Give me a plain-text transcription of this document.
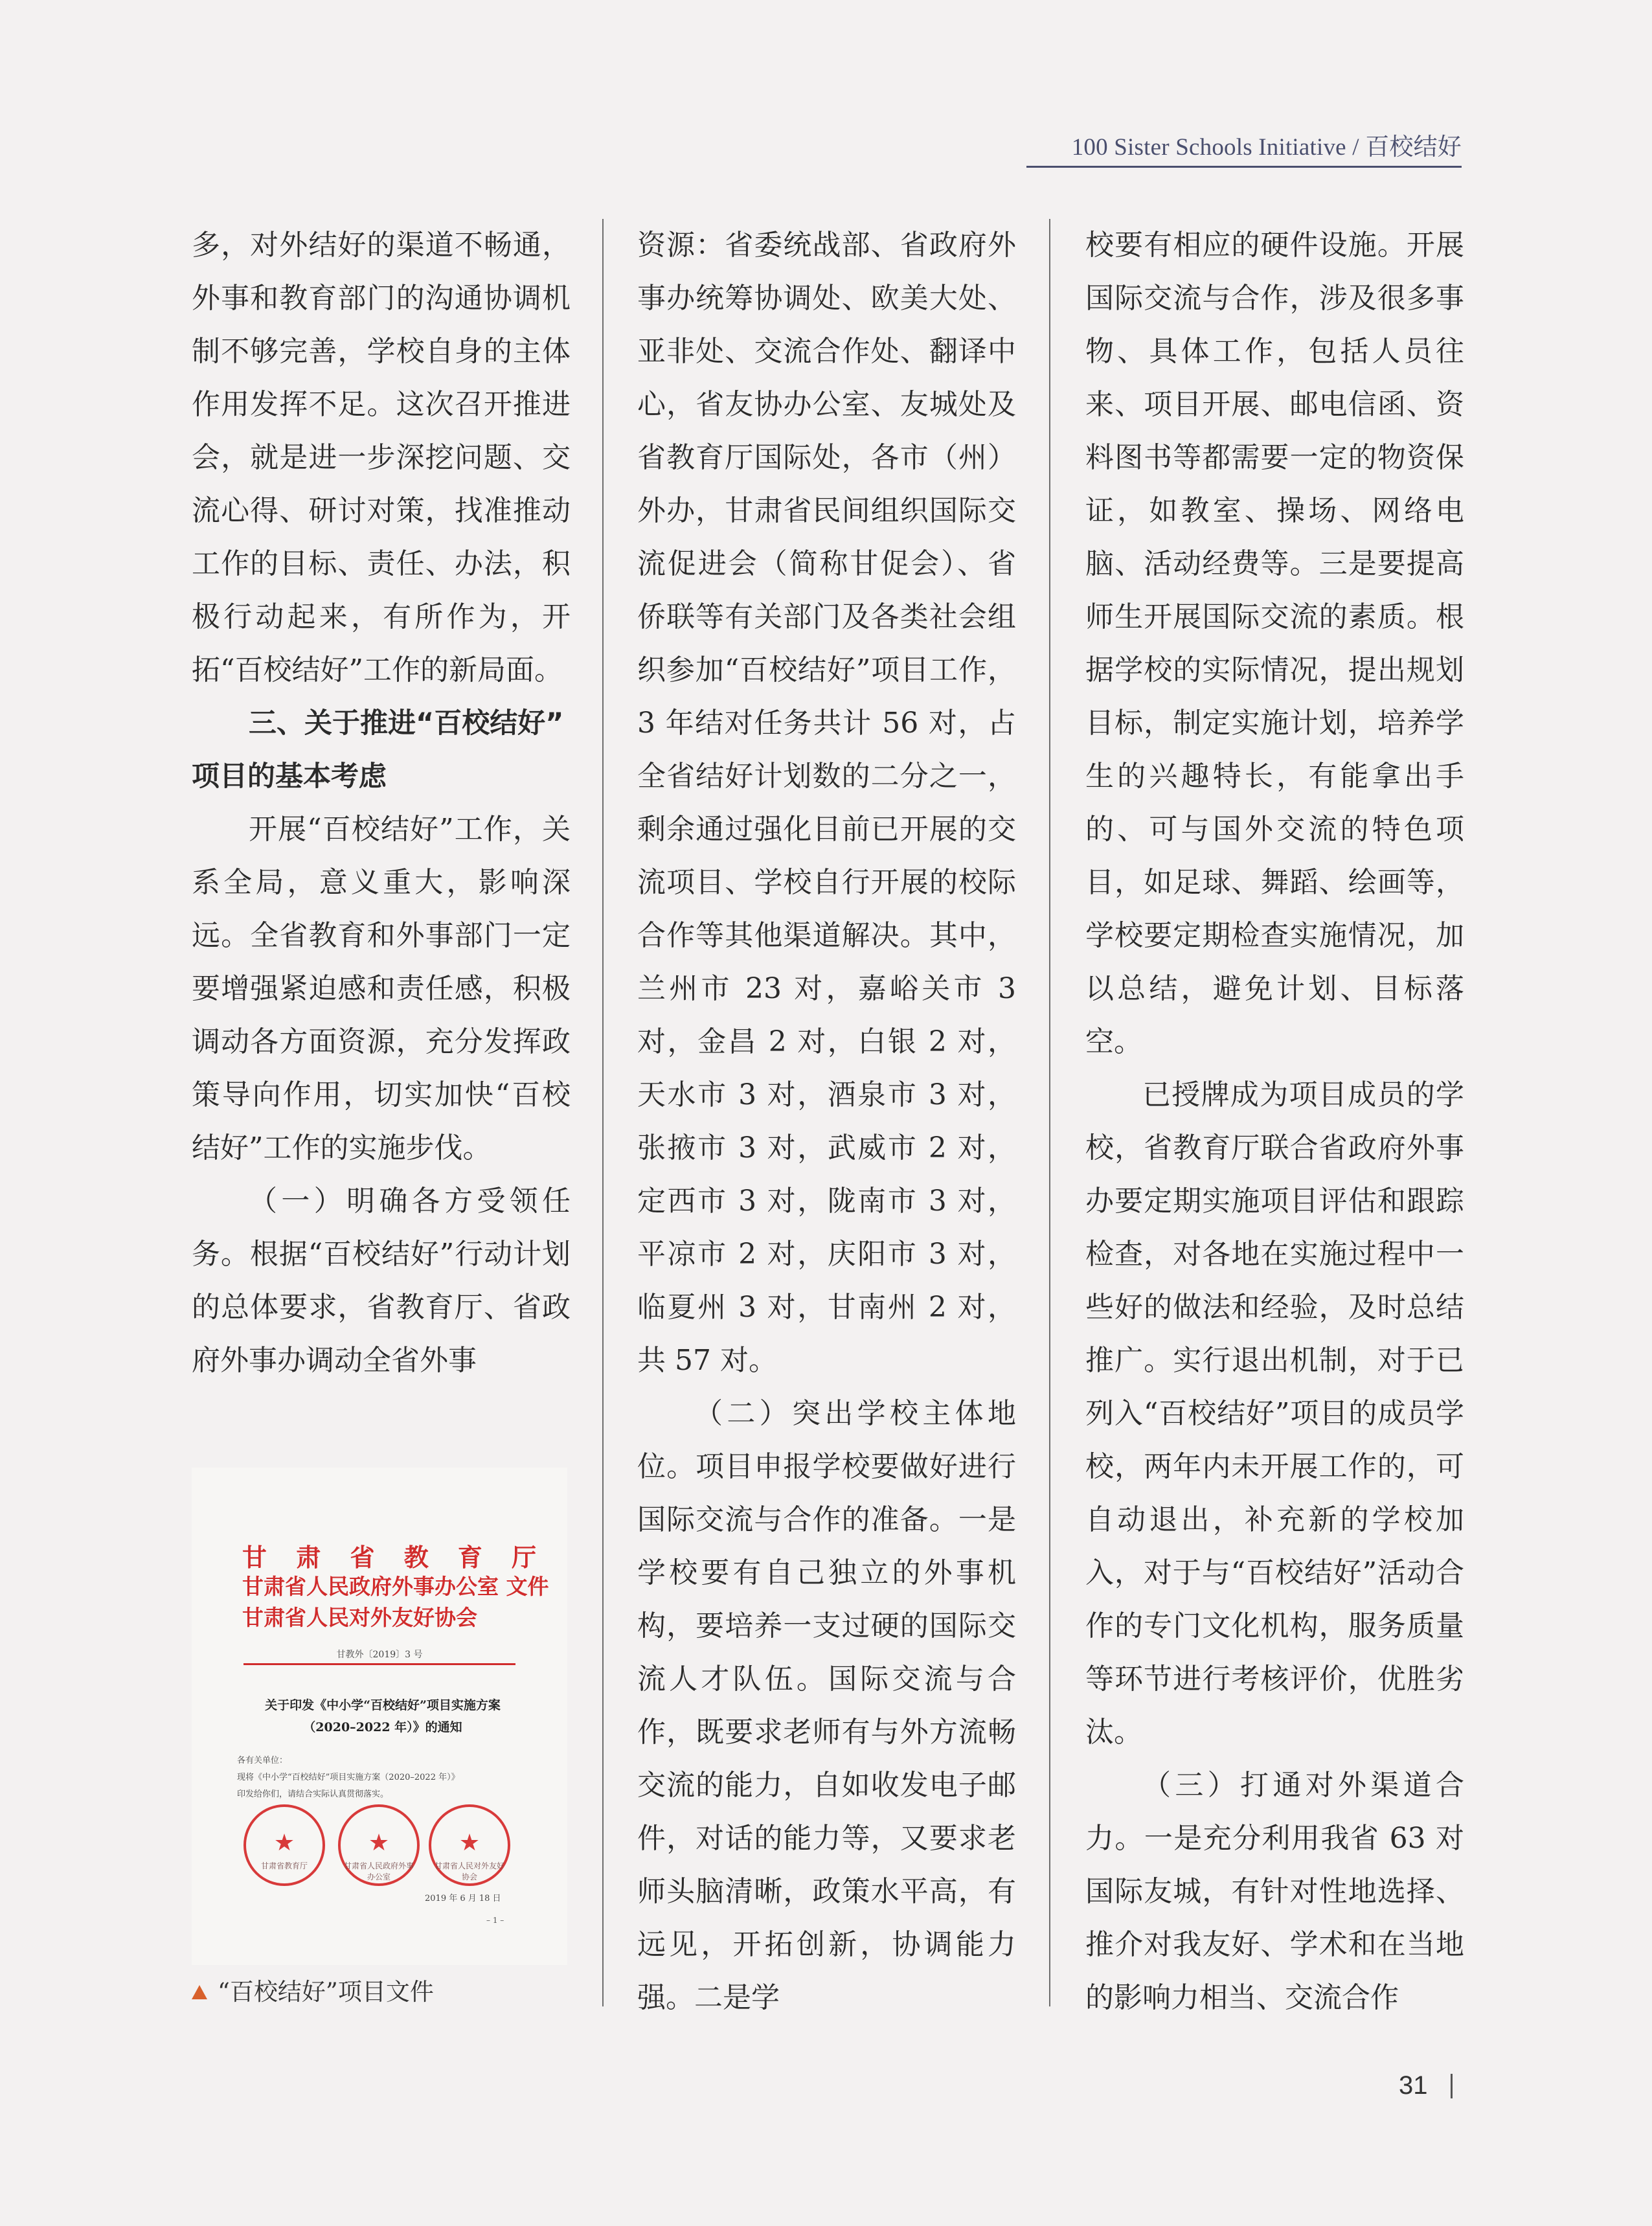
100 Sister Schools Initiative / 百校结好

多，对外结好的渠道不畅通，外事和教育部门的沟通协调机制不够完善，学校自身的主体作用发挥不足。这次召开推进会，就是进一步深挖问题、交流心得、研讨对策，找准推动工作的目标、责任、办法，积极行动起来，有所作为，开拓“百校结好”工作的新局面。

三、关于推进“百校结好”

项目的基本考虑

开展“百校结好”工作，关系全局，意义重大，影响深远。全省教育和外事部门一定要增强紧迫感和责任感，积极调动各方面资源，充分发挥政策导向作用，切实加快“百校结好”工作的实施步伐。

（一）明确各方受领任务。根据“百校结好”行动计划的总体要求，省教育厅、省政府外事办调动全省外事

资源：省委统战部、省政府外事办统筹协调处、欧美大处、亚非处、交流合作处、翻译中心，省友协办公室、友城处及省教育厅国际处，各市（州）外办，甘肃省民间组织国际交流促进会（简称甘促会）、省侨联等有关部门及各类社会组织参加“百校结好”项目工作，3 年结对任务共计 56 对，占全省结好计划数的二分之一，剩余通过强化目前已开展的交流项目、学校自行开展的校际合作等其他渠道解决。其中，兰州市 23 对，嘉峪关市 3 对，金昌 2 对，白银 2 对，天水市 3 对，酒泉市 3 对，张掖市 3 对，武威市 2 对，定西市 3 对，陇南市 3 对，平凉市 2 对，庆阳市 3 对，临夏州 3 对，甘南州 2 对，共 57 对。

（二）突出学校主体地位。项目申报学校要做好进行国际交流与合作的准备。一是学校要有自己独立的外事机构，要培养一支过硬的国际交流人才队伍。国际交流与合作，既要求老师有与外方流畅交流的能力，自如收发电子邮件，对话的能力等，又要求老师头脑清晰，政策水平高，有远见，开拓创新，协调能力强。二是学

校要有相应的硬件设施。开展国际交流与合作，涉及很多事物、具体工作，包括人员往来、项目开展、邮电信函、资料图书等都需要一定的物资保证，如教室、操场、网络电脑、活动经费等。三是要提高师生开展国际交流的素质。根据学校的实际情况，提出规划目标，制定实施计划，培养学生的兴趣特长，有能拿出手的、可与国外交流的特色项目，如足球、舞蹈、绘画等，学校要定期检查实施情况，加以总结，避免计划、目标落空。

已授牌成为项目成员的学校，省教育厅联合省政府外事办要定期实施项目评估和跟踪检查，对各地在实施过程中一些好的做法和经验，及时总结推广。实行退出机制，对于已列入“百校结好”项目的成员学校，两年内未开展工作的，可自动退出，补充新的学校加入，对于与“百校结好”活动合作的专门文化机构，服务质量等环节进行考核评价，优胜劣汰。

（三）打通对外渠道合力。一是充分利用我省 63 对国际友城，有针对性地选择、推介对我友好、学术和在当地的影响力相当、交流合作

甘 肃 省 教 育 厅
甘肃省人民政府外事办公室 文件
甘肃省人民对外友好协会
甘教外〔2019〕3 号
关于印发《中小学“百校结好”项目实施方案
（2020–2022 年）》的通知
各有关单位：
现将《中小学“百校结好”项目实施方案（2020–2022 年）》
印发给你们，请结合实际认真贯彻落实。
★
甘肃省教育厅
★
甘肃省人民政府外事办公室
★
甘肃省人民对外友好协会
2019 年 6 月 18 日
– 1 –
“百校结好”项目文件
31
